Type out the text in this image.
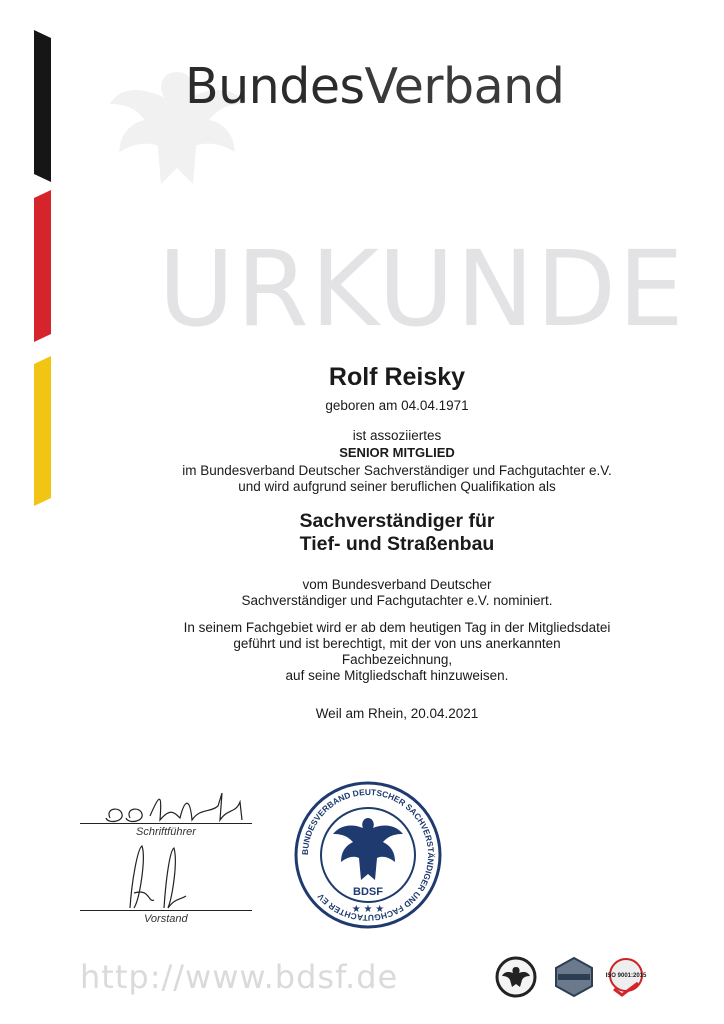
BundesVerband
URKUNDE
Rolf Reisky
geboren am 04.04.1971
ist assoziiertes
SENIOR MITGLIED
im Bundesverband Deutscher Sachverständiger und Fachgutachter e.V.
und wird aufgrund seiner beruflichen Qualifikation als
Sachverständiger für
Tief- und Straßenbau
vom Bundesverband Deutscher
Sachverständiger und Fachgutachter e.V. nominiert.
In seinem Fachgebiet wird er ab dem heutigen Tag in der Mitgliedsdatei
geführt und ist berechtigt, mit der von uns anerkannten
Fachbezeichnung,
auf seine Mitgliedschaft hinzuweisen.
Weil am Rhein, 20.04.2021
Schriftführer
Vorstand
BUNDESVERBAND DEUTSCHER SACHVERSTÄNDIGER UND FACHGUTACHTER EV	BDSF
★ ★ ★
http://www.bdsf.de	ISO 9001:2015
